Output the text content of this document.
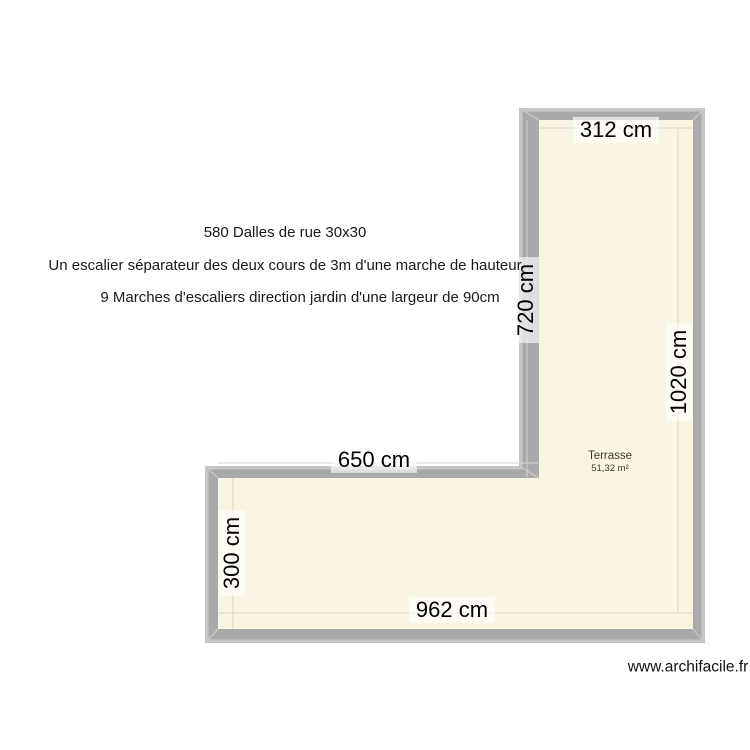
312 cm
720 cm
1020 cm
650 cm
300 cm
962 cm
580 Dalles de rue 30x30
Un escalier séparateur des deux cours de 3m d'une marche de hauteur
9 Marches d'escaliers direction jardin d'une largeur de 90cm
Terrasse
51,32 m²
www.archifacile.fr
